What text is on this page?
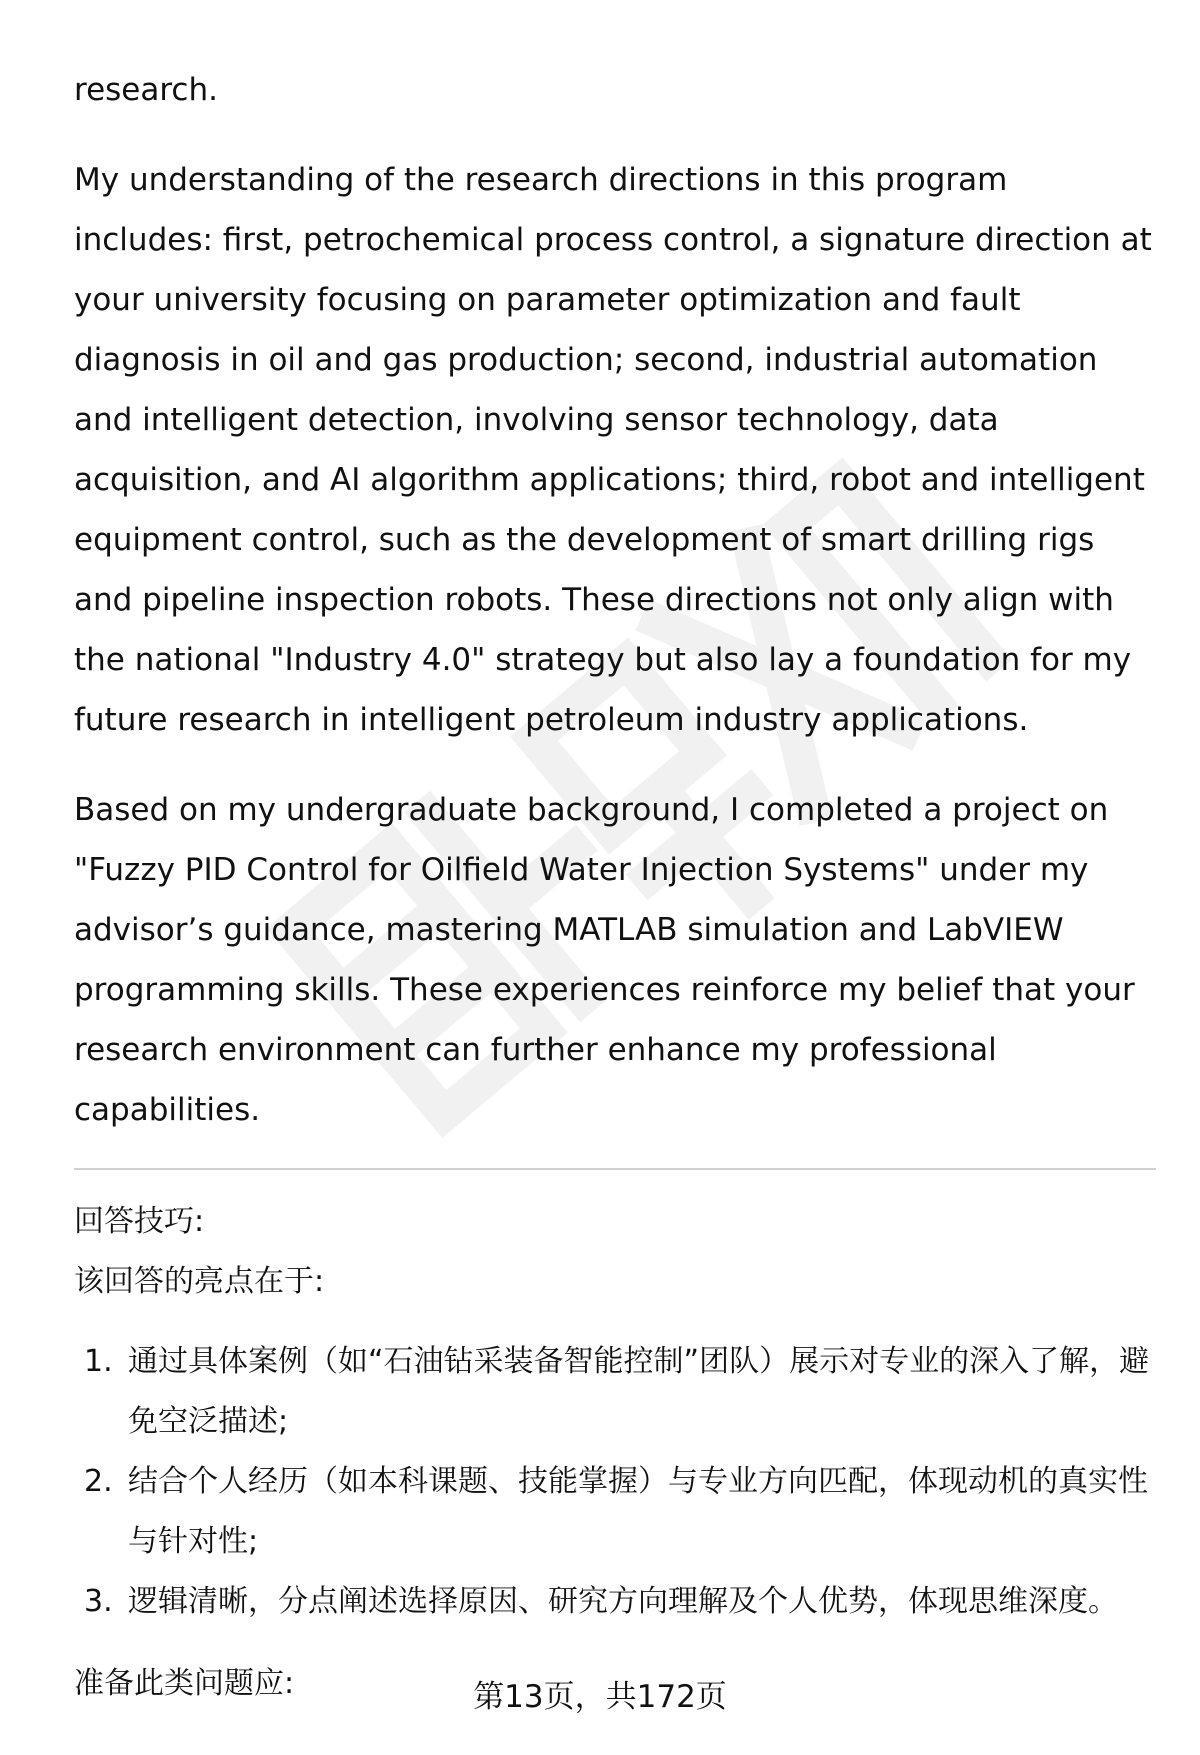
research.

My understanding of the research directions in this program includes: first, petrochemical process control, a signature direction at your university focusing on parameter optimization and fault diagnosis in oil and gas production; second, industrial automation and intelligent detection, involving sensor technology, data acquisition, and AI algorithm applications; third, robot and intelligent equipment control, such as the development of smart drilling rigs and pipeline inspection robots. These directions not only align with the national "Industry 4.0" strategy but also lay a foundation for my future research in intelligent petroleum industry applications.

Based on my undergraduate background, I completed a project on "Fuzzy PID Control for Oilfield Water Injection Systems" under my advisor’s guidance, mastering MATLAB simulation and LabVIEW programming skills. These experiences reinforce my belief that your research environment can further enhance my professional capabilities.

回答技巧:

该回答的亮点在于:

1. 通过具体案例（如“石油钻采装备智能控制”团队）展示对专业的深入了解，避免空泛描述;
2. 结合个人经历（如本科课题、技能掌握）与专业方向匹配，体现动机的真实性与针对性;
3. 逻辑清晰，分点阐述选择原因、研究方向理解及个人优势，体现思维深度。

准备此类问题应:	第13页，共172页
